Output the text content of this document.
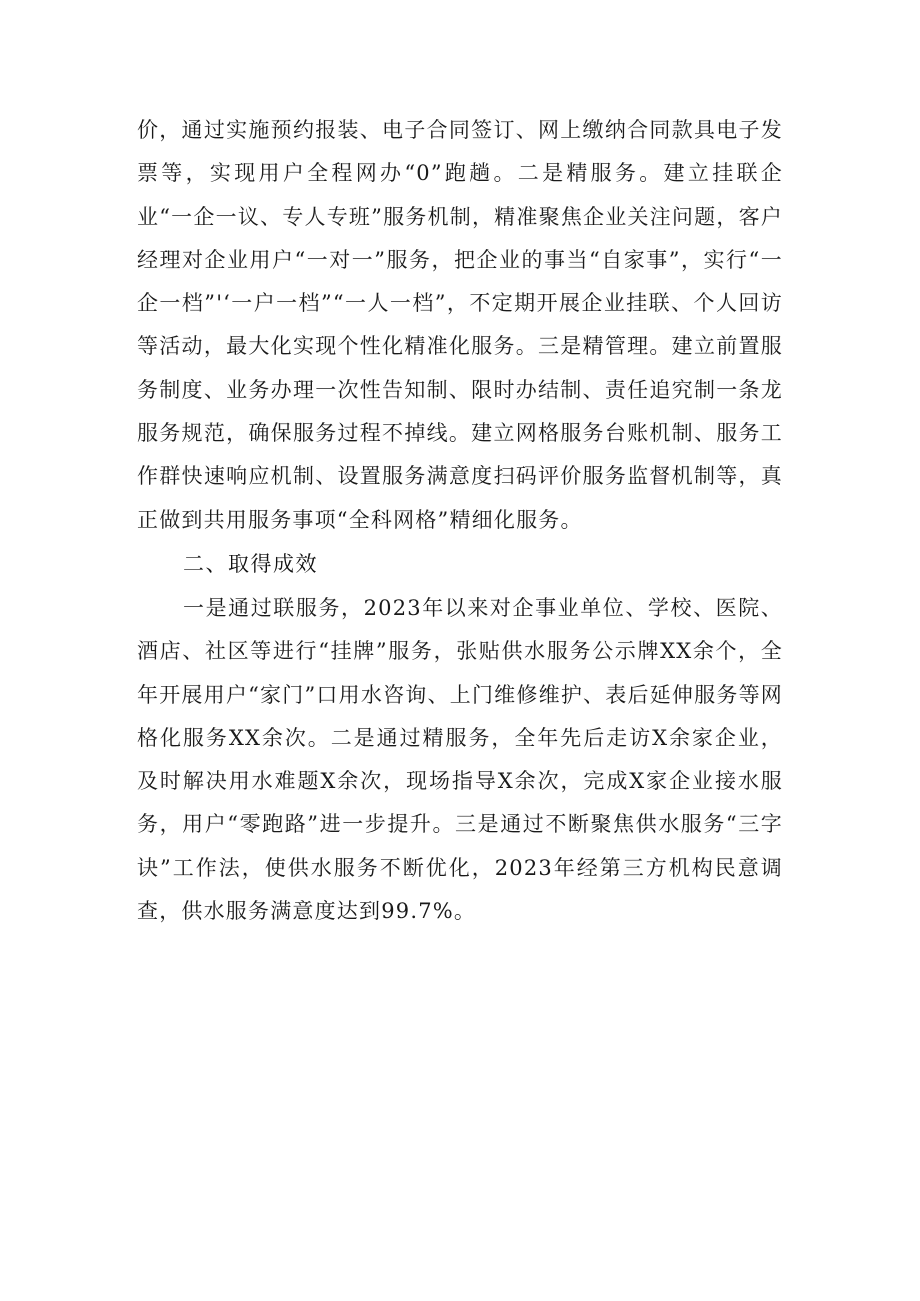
价，通过实施预约报装、电子合同签订、网上缴纳合同款具电子发票等，实现用户全程网办“0”跑趟。二是精服务。建立挂联企业“一企一议、专人专班”服务机制，精准聚焦企业关注问题，客户经理对企业用户“一对一”服务，把企业的事当“自家事”，实行“一企一档”'‘一户一档”“一人一档”，不定期开展企业挂联、个人回访等活动，最大化实现个性化精准化服务。三是精管理。建立前置服务制度、业务办理一次性告知制、限时办结制、责任追究制一条龙服务规范，确保服务过程不掉线。建立网格服务台账机制、服务工作群快速响应机制、设置服务满意度扫码评价服务监督机制等，真正做到共用服务事项“全科网格”精细化服务。

二、取得成效

一是通过联服务，2023年以来对企事业单位、学校、医院、酒店、社区等进行“挂牌”服务，张贴供水服务公示牌XX余个，全年开展用户“家门”口用水咨询、上门维修维护、表后延伸服务等网格化服务XX余次。二是通过精服务，全年先后走访X余家企业，及时解决用水难题X余次，现场指导X余次，完成X家企业接水服务，用户“零跑路”进一步提升。三是通过不断聚焦供水服务“三字诀”工作法，使供水服务不断优化，2023年经第三方机构民意调查，供水服务满意度达到99.7%。
